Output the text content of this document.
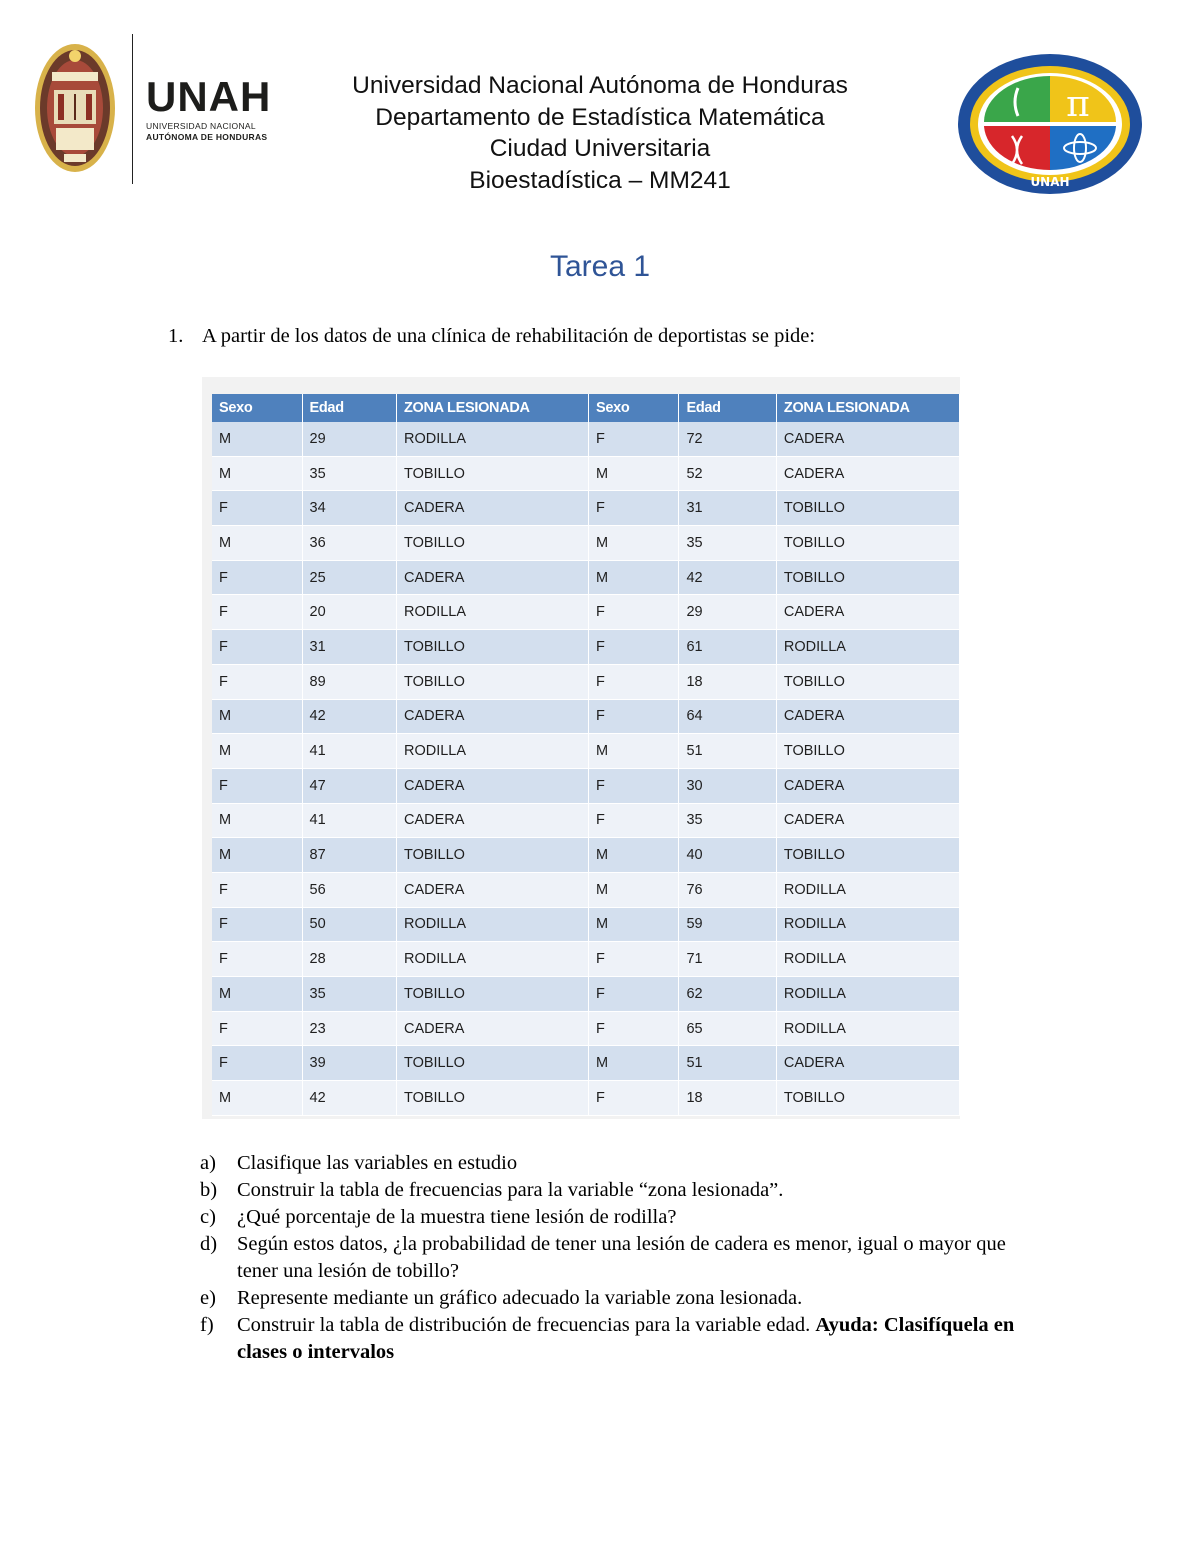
UNAH
UNIVERSIDAD NACIONAL
AUTÓNOMA DE HONDURAS
Universidad Nacional Autónoma de Honduras
Departamento de Estadística Matemática
Ciudad Universitaria
Bioestadística – MM241
π
UNAH
Tarea 1
1. A partir de los datos de una clínica de rehabilitación de deportistas se pide:
Sexo	Edad	ZONA LESIONADA	Sexo	Edad	ZONA LESIONADA
M	29	RODILLA	F	72	CADERA
M	35	TOBILLO	M	52	CADERA
F	34	CADERA	F	31	TOBILLO
M	36	TOBILLO	M	35	TOBILLO
F	25	CADERA	M	42	TOBILLO
F	20	RODILLA	F	29	CADERA
F	31	TOBILLO	F	61	RODILLA
F	89	TOBILLO	F	18	TOBILLO
M	42	CADERA	F	64	CADERA
M	41	RODILLA	M	51	TOBILLO
F	47	CADERA	F	30	CADERA
M	41	CADERA	F	35	CADERA
M	87	TOBILLO	M	40	TOBILLO
F	56	CADERA	M	76	RODILLA
F	50	RODILLA	M	59	RODILLA
F	28	RODILLA	F	71	RODILLA
M	35	TOBILLO	F	62	RODILLA
F	23	CADERA	F	65	RODILLA
F	39	TOBILLO	M	51	CADERA
M	42	TOBILLO	F	18	TOBILLO
a)	Clasifique las variables en estudio
b) Construir la tabla de frecuencias para la variable “zona lesionada”.
c)	¿Qué porcentaje de la muestra tiene lesión de rodilla?
d) Según estos datos, ¿la probabilidad de tener una lesión de cadera es menor, igual o mayor que tener una lesión de tobillo?
e)	Represente mediante un gráfico adecuado la variable zona lesionada.
f)	Construir la tabla de distribución de frecuencias para la variable edad. Ayuda: Clasifíquela en clases o intervalos
